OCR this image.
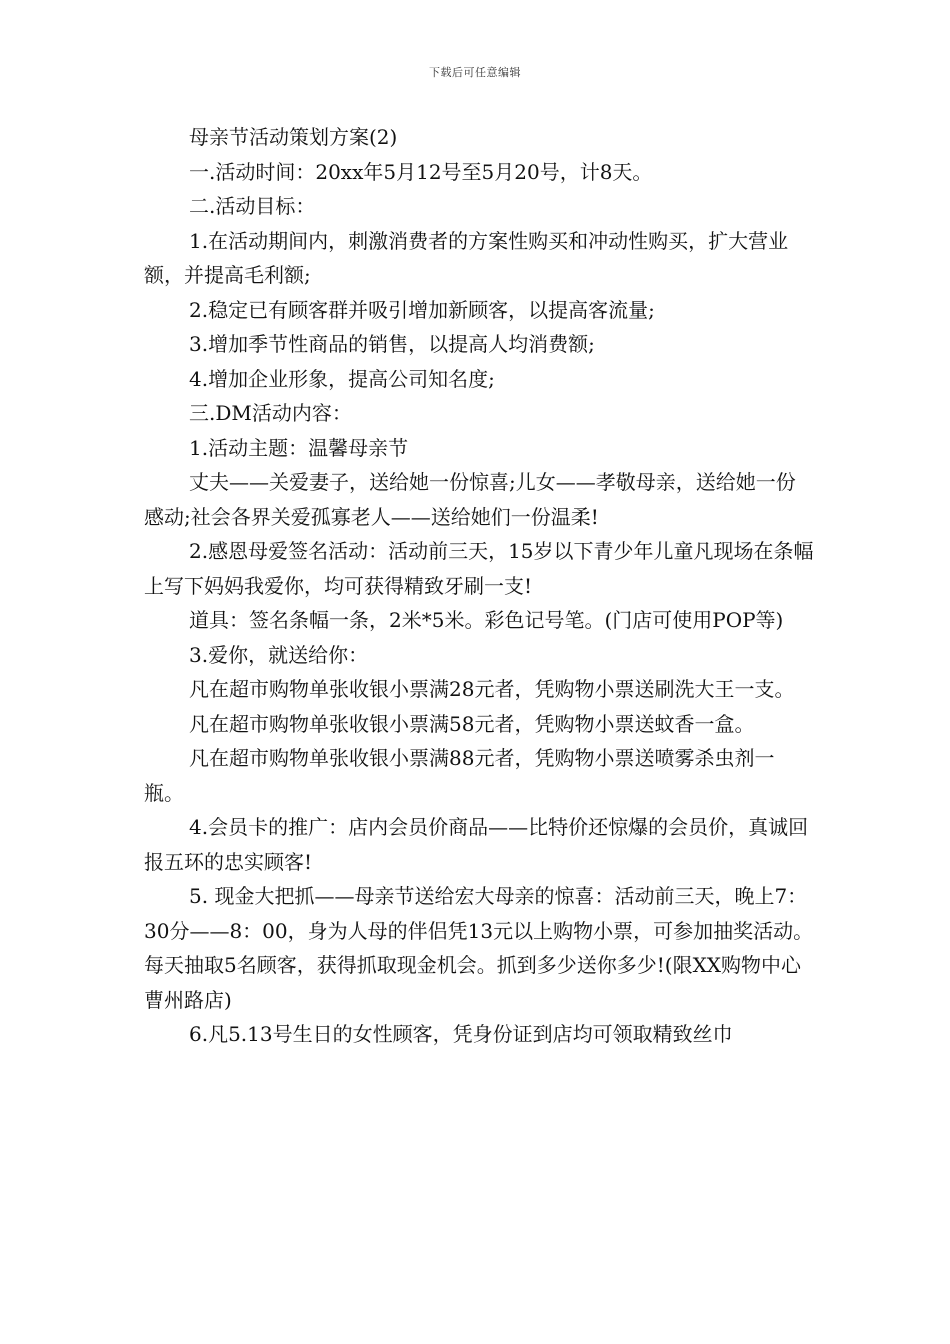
下载后可任意编辑

母亲节活动策划方案(2)

一.活动时间：20xx年5月12号至5月20号，计8天。

二.活动目标：

1.在活动期间内，刺激消费者的方案性购买和冲动性购买，扩大营业额，并提高毛利额;

2.稳定已有顾客群并吸引增加新顾客，以提高客流量;

3.增加季节性商品的销售，以提高人均消费额;

4.增加企业形象，提高公司知名度;

三.DM活动内容：

1.活动主题：温馨母亲节

丈夫——关爱妻子，送给她一份惊喜;儿女——孝敬母亲，送给她一份感动;社会各界关爱孤寡老人——送给她们一份温柔!

2.感恩母爱签名活动：活动前三天，15岁以下青少年儿童凡现场在条幅上写下妈妈我爱你，均可获得精致牙刷一支!

道具：签名条幅一条，2米*5米。彩色记号笔。(门店可使用POP等)

3.爱你，就送给你：

凡在超市购物单张收银小票满28元者，凭购物小票送刷洗大王一支。

凡在超市购物单张收银小票满58元者，凭购物小票送蚊香一盒。

凡在超市购物单张收银小票满88元者，凭购物小票送喷雾杀虫剂一瓶。

4.会员卡的推广：店内会员价商品——比特价还惊爆的会员价，真诚回报五环的忠实顾客!

5. 现金大把抓——母亲节送给宏大母亲的惊喜：活动前三天，晚上7：30分——8：00，身为人母的伴侣凭13元以上购物小票，可参加抽奖活动。每天抽取5名顾客，获得抓取现金机会。抓到多少送你多少!(限XX购物中心曹州路店)

6.凡5.13号生日的女性顾客，凭身份证到店均可领取精致丝巾
